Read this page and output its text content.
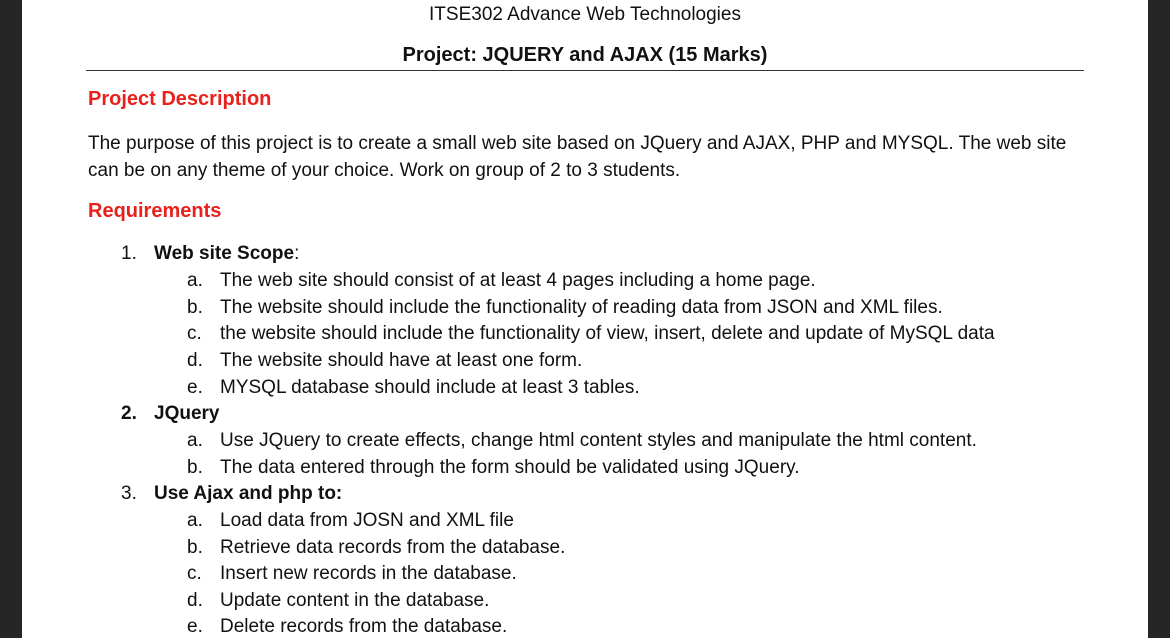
ITSE302 Advance Web Technologies
Project: JQUERY and AJAX (15 Marks)
Project Description
The purpose of this project is to create a small web site based on JQuery and AJAX, PHP and MYSQL. The web site can be on any theme of your choice. Work on group of 2 to 3 students.
Requirements
1. Web site Scope:
a. The web site should consist of at least 4 pages including a home page.
b. The website should include the functionality of reading data from JSON and XML files.
c. the website should include the functionality of view, insert, delete and update of MySQL data
d. The website should have at least one form.
e. MYSQL database should include at least 3 tables.
2. JQuery
a. Use JQuery to create effects, change html content styles and manipulate the html content.
b. The data entered through the form should be validated using JQuery.
3. Use Ajax and php to:
a. Load data from JOSN and XML file
b. Retrieve data records from the database.
c. Insert new records in the database.
d. Update content in the database.
e. Delete records from the database.
